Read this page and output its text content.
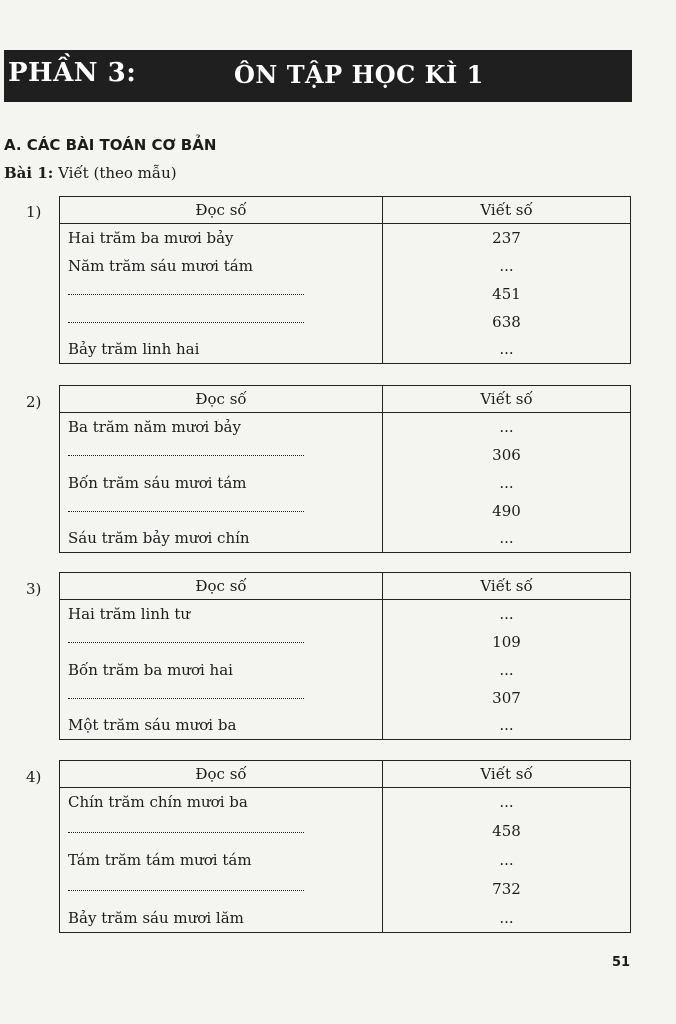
PHẦN 3:	ÔN TẬP HỌC KÌ 1
A. CÁC BÀI TOÁN CƠ BẢN
Bài 1: Viết (theo mẫu)
1)	Đọc số	Viết số
Hai trăm ba mươi bảy	237
Năm trăm sáu mươi tám	...

	451

	638
Bảy trăm linh hai	...
2)	Đọc số	Viết số
Ba trăm năm mươi bảy	...

	306
Bốn trăm sáu mươi tám	...

	490
Sáu trăm bảy mươi chín	...
3)	Đọc số	Viết số
Hai trăm linh tư	...

	109
Bốn trăm ba mươi hai	...

	307
Một trăm sáu mươi ba	...
4)	Đọc số	Viết số
Chín trăm chín mươi ba	...

	458
Tám trăm tám mươi tám	...

	732
Bảy trăm sáu mươi lăm	...
51
